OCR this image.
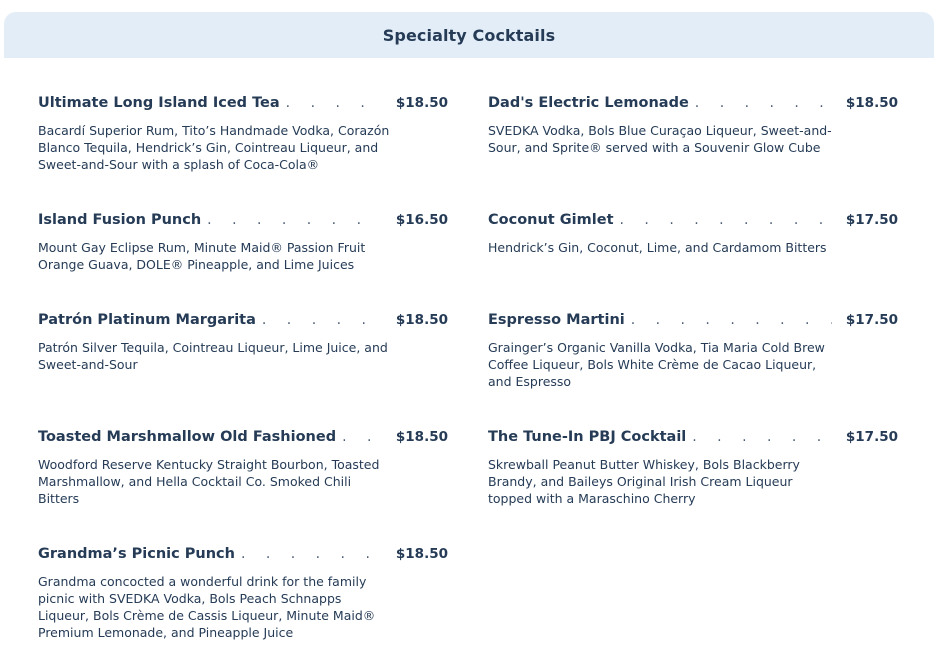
Specialty Cocktails
Ultimate Long Island Iced Tea . . .	$18.50
Bacardí Superior Rum, Tito’s Handmade Vodka, Corazón Blanco Tequila, Hendrick’s Gin, Cointreau Liqueur, and Sweet-and-Sour with a splash of Coca-Cola®
Island Fusion Punch . . .	$16.50
Mount Gay Eclipse Rum, Minute Maid® Passion Fruit Orange Guava, DOLE® Pineapple, and Lime Juices
Patrón Platinum Margarita . . .	$18.50
Patrón Silver Tequila, Cointreau Liqueur, Lime Juice, and Sweet-and-Sour
Toasted Marshmallow Old Fashioned . . .	$18.50
Woodford Reserve Kentucky Straight Bourbon, Toasted Marshmallow, and Hella Cocktail Co. Smoked Chili Bitters
Grandma’s Picnic Punch . . .	$18.50
Grandma concocted a wonderful drink for the family picnic with SVEDKA Vodka, Bols Peach Schnapps Liqueur, Bols Crème de Cassis Liqueur, Minute Maid® Premium Lemonade, and Pineapple Juice
Dad's Electric Lemonade . . .	$18.50
SVEDKA Vodka, Bols Blue Curaçao Liqueur, Sweet-and-Sour, and Sprite® served with a Souvenir Glow Cube
Coconut Gimlet . . .	$17.50
Hendrick’s Gin, Coconut, Lime, and Cardamom Bitters
Espresso Martini . . .	$17.50
Grainger’s Organic Vanilla Vodka, Tia Maria Cold Brew Coffee Liqueur, Bols White Crème de Cacao Liqueur, and Espresso
The Tune-In PBJ Cocktail . . .	$17.50
Skrewball Peanut Butter Whiskey, Bols Blackberry Brandy, and Baileys Original Irish Cream Liqueur topped with a Maraschino Cherry
